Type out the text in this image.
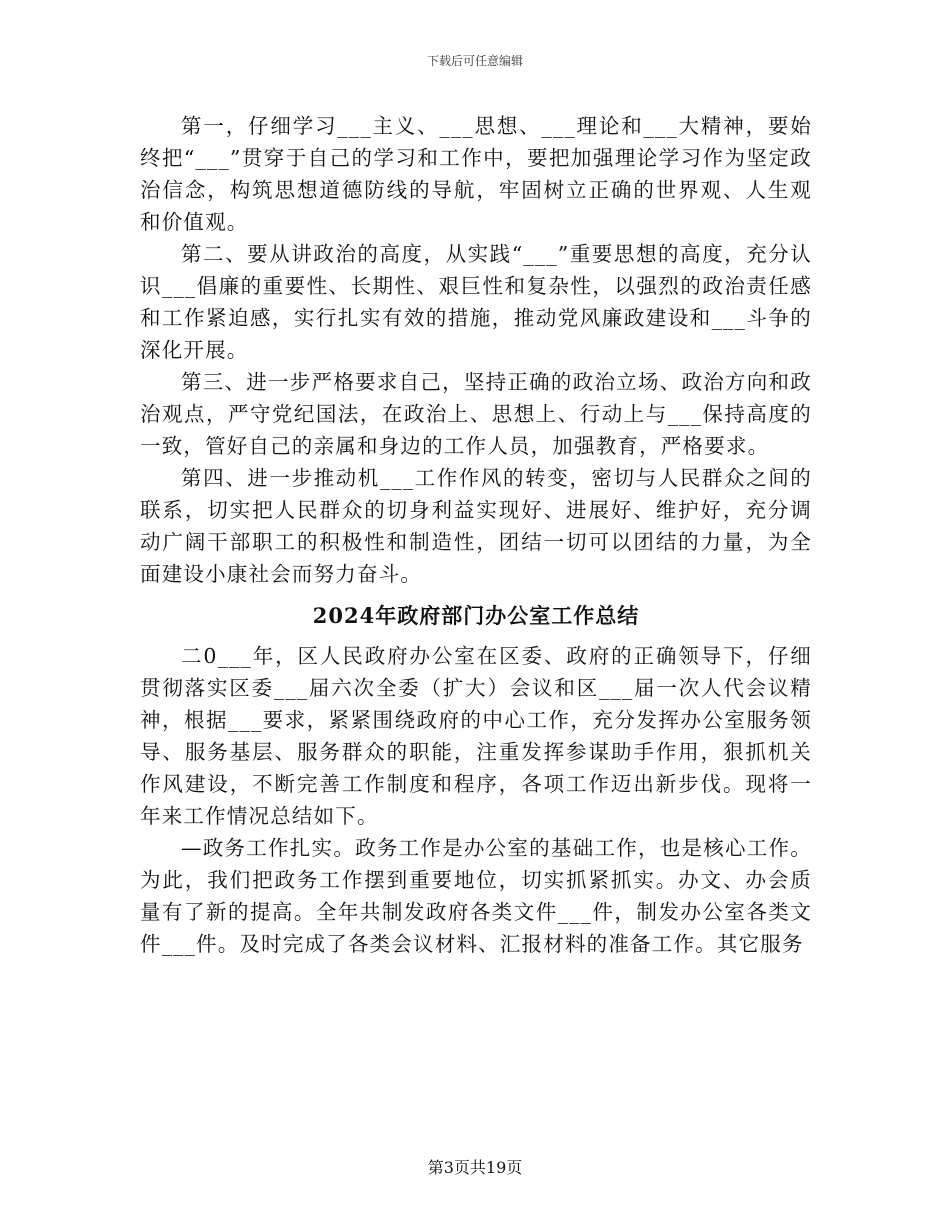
下载后可任意编辑

第一，仔细学习___主义、___思想、___理论和___大精神，要始终把“___”贯穿于自己的学习和工作中，要把加强理论学习作为坚定政治信念，构筑思想道德防线的导航，牢固树立正确的世界观、人生观和价值观。

第二、要从讲政治的高度，从实践“___”重要思想的高度，充分认识___倡廉的重要性、长期性、艰巨性和复杂性，以强烈的政治责任感和工作紧迫感，实行扎实有效的措施，推动党风廉政建设和___斗争的深化开展。

第三、进一步严格要求自己，坚持正确的政治立场、政治方向和政治观点，严守党纪国法，在政治上、思想上、行动上与___保持高度的一致，管好自己的亲属和身边的工作人员，加强教育，严格要求。

第四、进一步推动机___工作作风的转变，密切与人民群众之间的联系，切实把人民群众的切身利益实现好、进展好、维护好，充分调动广阔干部职工的积极性和制造性，团结一切可以团结的力量，为全面建设小康社会而努力奋斗。

2024年政府部门办公室工作总结

二0___年，区人民政府办公室在区委、政府的正确领导下，仔细贯彻落实区委___届六次全委（扩大）会议和区___届一次人代会议精神，根据___要求，紧紧围绕政府的中心工作，充分发挥办公室服务领导、服务基层、服务群众的职能，注重发挥参谋助手作用，狠抓机关作风建设，不断完善工作制度和程序，各项工作迈出新步伐。现将一年来工作情况总结如下。

—政务工作扎实。政务工作是办公室的基础工作，也是核心工作。为此，我们把政务工作摆到重要地位，切实抓紧抓实。办文、办会质量有了新的提高。全年共制发政府各类文件___件，制发办公室各类文件___件。及时完成了各类会议材料、汇报材料的准备工作。其它服务

第3页共19页
